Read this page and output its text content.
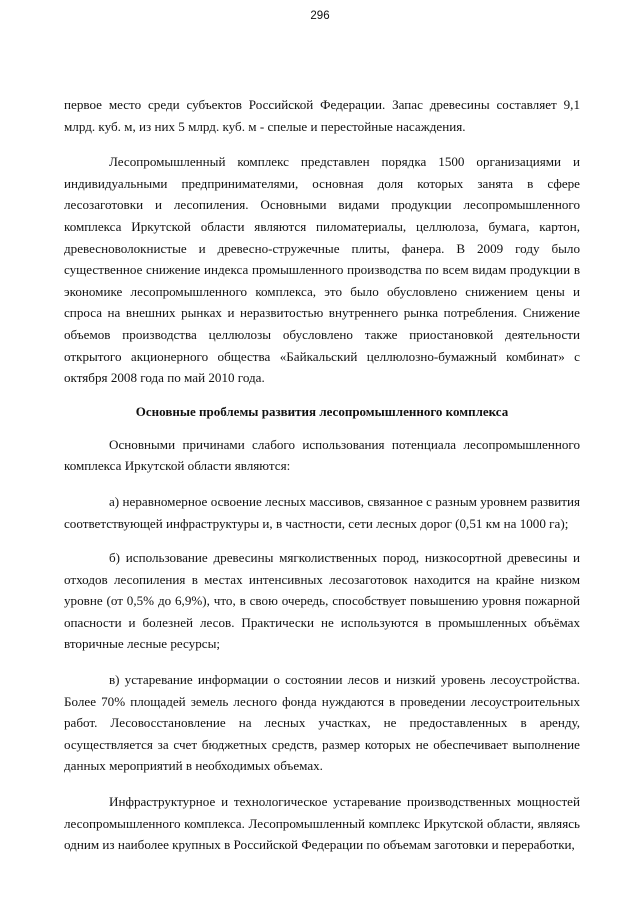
296

первое место среди субъектов Российской Федерации. Запас древесины составляет 9,1 млрд. куб. м, из них 5 млрд. куб. м - спелые и перестойные насаждения.

Лесопромышленный комплекс представлен порядка 1500 организациями и индивидуальными предпринимателями, основная доля которых занята в сфере лесозаготовки и лесопиления. Основными видами продукции лесопромышленного комплекса Иркутской области являются пиломатериалы, целлюлоза, бумага, картон, древесноволокнистые и древесно-стружечные плиты, фанера. В 2009 году было существенное снижение индекса промышленного производства по всем видам продукции в экономике лесопромышленного комплекса, это было обусловлено снижением цены и спроса на внешних рынках и неразвитостью внутреннего рынка потребления. Снижение объемов производства целлюлозы обусловлено также приостановкой деятельности открытого акционерного общества «Байкальский целлюлозно-бумажный комбинат» с октября 2008 года по май 2010 года.

Основные проблемы развития лесопромышленного комплекса

Основными причинами слабого использования потенциала лесопромышленного комплекса Иркутской области являются:

а) неравномерное освоение лесных массивов, связанное с разным уровнем развития соответствующей инфраструктуры и, в частности, сети лесных дорог (0,51 км на 1000 га);

б) использование древесины мягколиственных пород, низкосортной древесины и отходов лесопиления в местах интенсивных лесозаготовок находится на крайне низком уровне (от 0,5% до 6,9%), что, в свою очередь, способствует повышению уровня пожарной опасности и болезней лесов. Практически не используются в промышленных объёмах вторичные лесные ресурсы;

в) устаревание информации о состоянии лесов и низкий уровень лесоустройства. Более 70% площадей земель лесного фонда нуждаются в проведении лесоустроительных работ. Лесовосстановление на лесных участках, не предоставленных в аренду, осуществляется за счет бюджетных средств, размер которых не обеспечивает выполнение данных мероприятий в необходимых объемах.

Инфраструктурное и технологическое устаревание производственных мощностей лесопромышленного комплекса. Лесопромышленный комплекс Иркутской области, являясь одним из наиболее крупных в Российской Федерации по объемам заготовки и переработки,
